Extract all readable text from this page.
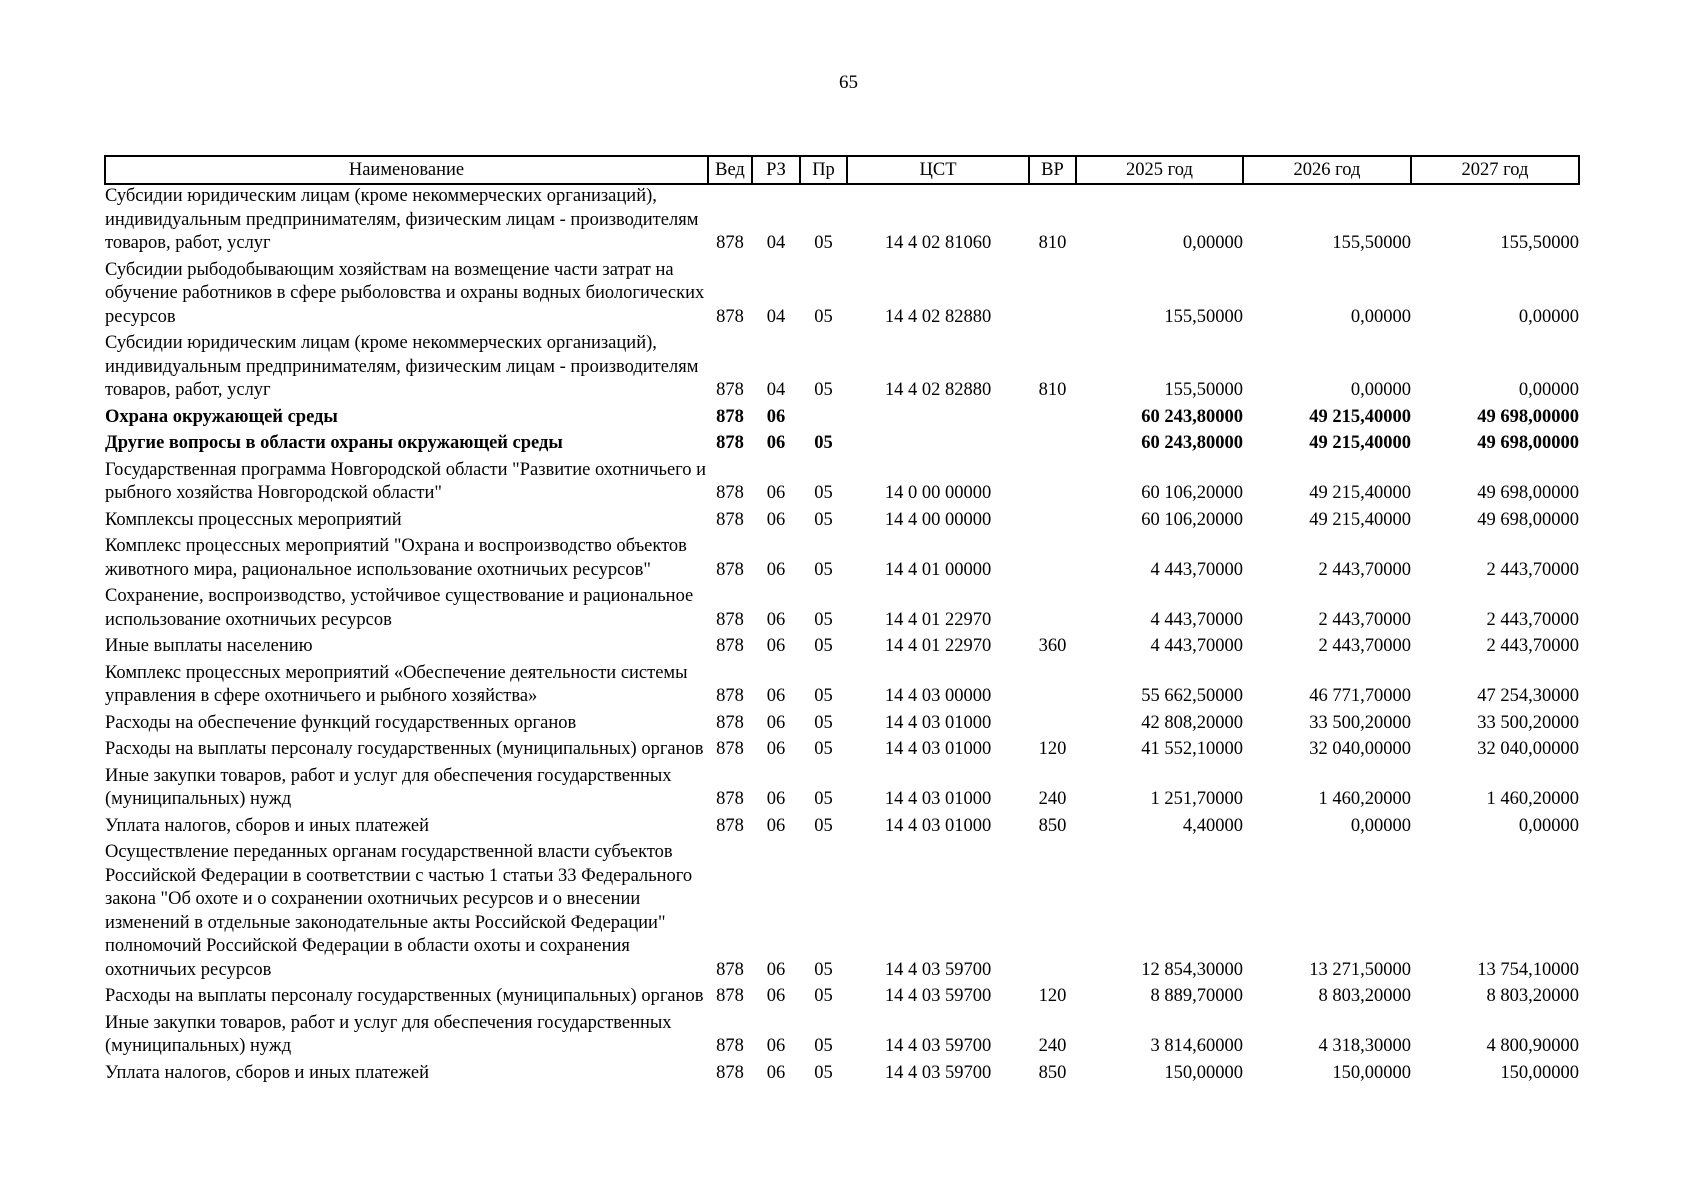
65
Наименование	Вед	РЗ	Пр	ЦСТ	ВР	2025 год	2026 год	2027 год
Субсидии юридическим лицам (кроме некоммерческих организаций), индивидуальным предпринимателям, физическим лицам - производителям товаров, работ, услуг	878	04	05	14 4 02 81060	810	0,00000	155,50000	155,50000
Субсидии рыбодобывающим хозяйствам на возмещение части затрат на обучение работников в сфере рыболовства и охраны водных биологических ресурсов	878	04	05	14 4 02 82880		155,50000	0,00000	0,00000
Субсидии юридическим лицам (кроме некоммерческих организаций), индивидуальным предпринимателям, физическим лицам - производителям товаров, работ, услуг	878	04	05	14 4 02 82880	810	155,50000	0,00000	0,00000
Охрана окружающей среды	878	06				60 243,80000	49 215,40000	49 698,00000
Другие вопросы в области охраны окружающей среды	878	06	05			60 243,80000	49 215,40000	49 698,00000
Государственная программа Новгородской области "Развитие охотничьего и рыбного хозяйства Новгородской области"	878	06	05	14 0 00 00000		60 106,20000	49 215,40000	49 698,00000
Комплексы процессных мероприятий	878	06	05	14 4 00 00000		60 106,20000	49 215,40000	49 698,00000
Комплекс процессных мероприятий "Охрана и воспроизводство объектов животного мира, рациональное использование охотничьих ресурсов"	878	06	05	14 4 01 00000		4 443,70000	2 443,70000	2 443,70000
Сохранение, воспроизводство, устойчивое существование и рациональное использование охотничьих ресурсов	878	06	05	14 4 01 22970		4 443,70000	2 443,70000	2 443,70000
Иные выплаты населению	878	06	05	14 4 01 22970	360	4 443,70000	2 443,70000	2 443,70000
Комплекс процессных мероприятий «Обеспечение деятельности системы управления в сфере охотничьего и рыбного хозяйства»	878	06	05	14 4 03 00000		55 662,50000	46 771,70000	47 254,30000
Расходы на обеспечение функций государственных органов	878	06	05	14 4 03 01000		42 808,20000	33 500,20000	33 500,20000
Расходы на выплаты персоналу государственных (муниципальных) органов	878	06	05	14 4 03 01000	120	41 552,10000	32 040,00000	32 040,00000
Иные закупки товаров, работ и услуг для обеспечения государственных (муниципальных) нужд	878	06	05	14 4 03 01000	240	1 251,70000	1 460,20000	1 460,20000
Уплата налогов, сборов и иных платежей	878	06	05	14 4 03 01000	850	4,40000	0,00000	0,00000
Осуществление переданных органам государственной власти субъектов Российской Федерации в соответствии с частью 1 статьи 33 Федерального закона "Об охоте и о сохранении охотничьих ресурсов и о внесении изменений в отдельные законодательные акты Российской Федерации" полномочий Российской Федерации в области охоты и сохранения охотничьих ресурсов	878	06	05	14 4 03 59700		12 854,30000	13 271,50000	13 754,10000
Расходы на выплаты персоналу государственных (муниципальных) органов	878	06	05	14 4 03 59700	120	8 889,70000	8 803,20000	8 803,20000
Иные закупки товаров, работ и услуг для обеспечения государственных (муниципальных) нужд	878	06	05	14 4 03 59700	240	3 814,60000	4 318,30000	4 800,90000
Уплата налогов, сборов и иных платежей	878	06	05	14 4 03 59700	850	150,00000	150,00000	150,00000
